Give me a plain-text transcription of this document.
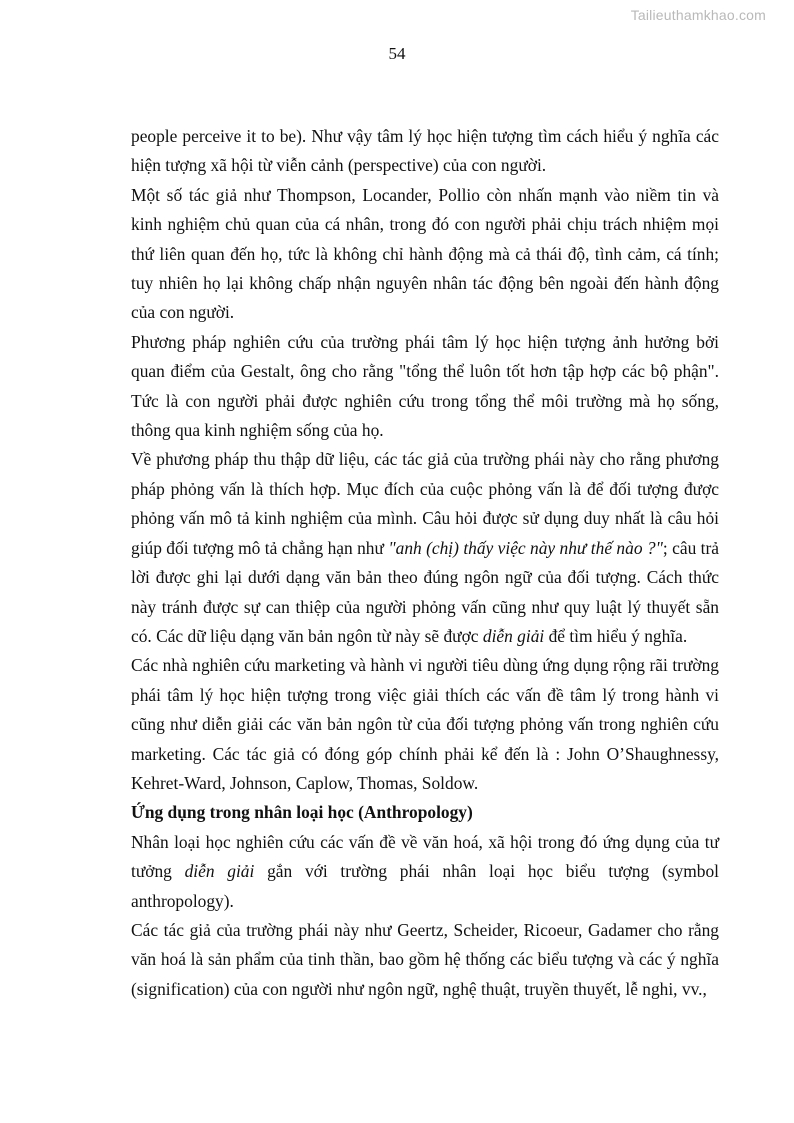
Tailieuthamkhao.com
54

people perceive it to be). Như vậy tâm lý học hiện tượng tìm cách hiểu ý nghĩa các hiện tượng xã hội từ viễn cảnh (perspective) của con người.

Một số tác giả như Thompson, Locander, Pollio còn nhấn mạnh vào niềm tin và kinh nghiệm chủ quan của cá nhân, trong đó con người phải chịu trách nhiệm mọi thứ liên quan đến họ, tức là không chỉ hành động mà cả thái độ, tình cảm, cá tính; tuy nhiên họ lại không chấp nhận nguyên nhân tác động bên ngoài đến hành động của con người.

Phương pháp nghiên cứu của trường phái tâm lý học hiện tượng ảnh hưởng bởi quan điểm của Gestalt, ông cho rằng "tổng thể luôn tốt hơn tập hợp các bộ phận". Tức là con người phải được nghiên cứu trong tổng thể môi trường mà họ sống, thông qua kinh nghiệm sống của họ.

Về phương pháp thu thập dữ liệu, các tác giả của trường phái này cho rằng phương pháp phỏng vấn là thích hợp. Mục đích của cuộc phỏng vấn là để đối tượng được phỏng vấn mô tả kinh nghiệm của mình. Câu hỏi được sử dụng duy nhất là câu hỏi giúp đối tượng mô tả chẳng hạn như "anh (chị) thấy việc này như thế nào ?"; câu trả lời được ghi lại dưới dạng văn bản theo đúng ngôn ngữ của đối tượng. Cách thức này tránh được sự can thiệp của người phỏng vấn cũng như quy luật lý thuyết sẵn có. Các dữ liệu dạng văn bản ngôn từ này sẽ được diễn giải để tìm hiểu ý nghĩa.

Các nhà nghiên cứu marketing và hành vi người tiêu dùng ứng dụng rộng rãi trường phái tâm lý học hiện tượng trong việc giải thích các vấn đề tâm lý trong hành vi cũng như diễn giải các văn bản ngôn từ của đối tượng phỏng vấn trong nghiên cứu marketing. Các tác giả có đóng góp chính phải kể đến là : John O’Shaughnessy, Kehret-Ward, Johnson, Caplow, Thomas, Soldow.

Ứng dụng trong nhân loại học (Anthropology)

Nhân loại học nghiên cứu các vấn đề về văn hoá, xã hội trong đó ứng dụng của tư tưởng diễn giải gắn với trường phái nhân loại học biểu tượng (symbol anthropology).

Các tác giả của trường phái này như Geertz, Scheider, Ricoeur, Gadamer cho rằng văn hoá là sản phẩm của tinh thần, bao gồm hệ thống các biểu tượng và các ý nghĩa (signification) của con người như ngôn ngữ, nghệ thuật, truyền thuyết, lễ nghi, vv.,
